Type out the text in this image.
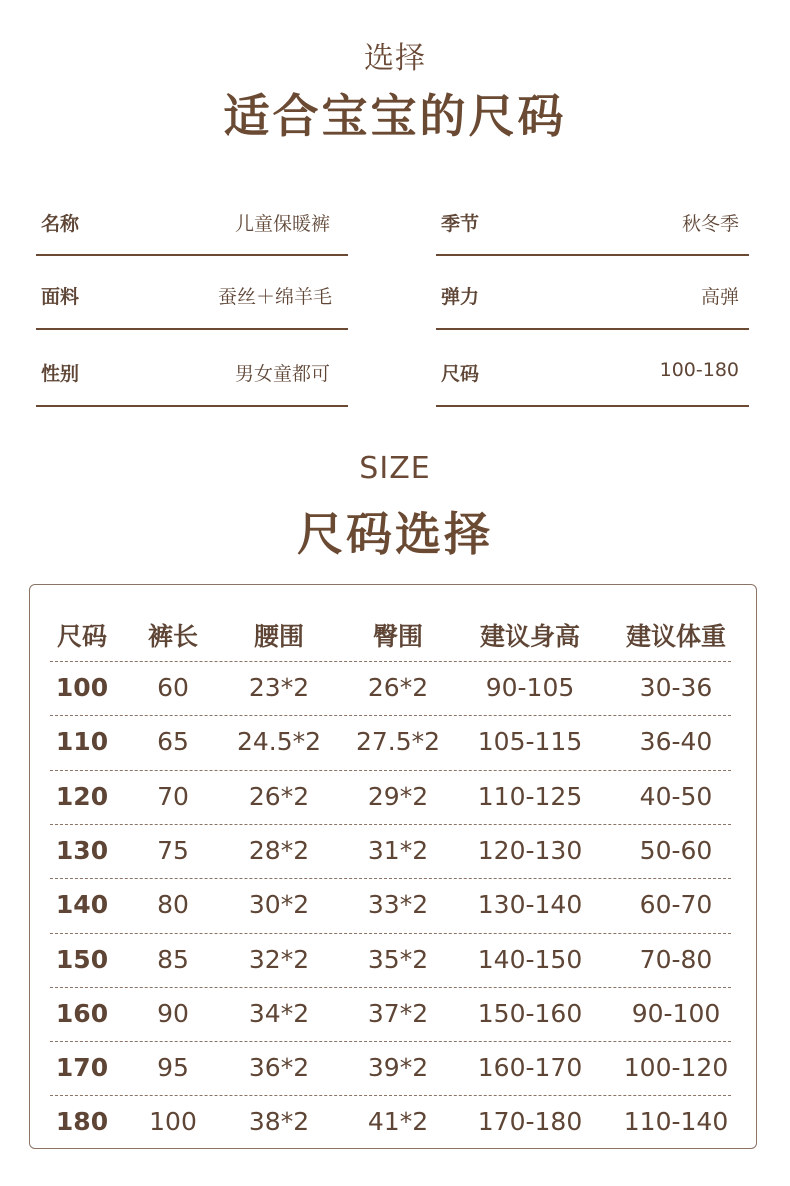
选择
适合宝宝的尺码
名称	儿童保暖裤
面料	蚕丝＋绵羊毛
性别	男女童都可
季节	秋冬季
弹力	高弹
尺码	100-180
SIZE
尺码选择
尺码 裤长 腰围	臀围 建议身高 建议体重
100 60 23*2 26*2 90-105	30-36
110 65 24.5*2 27.5*2 105-115 36-40
120 70 26*2 29*2 110-125 40-50
130 75 28*2 31*2 120-130 50-60
140 80 30*2 33*2 130-140 60-70
150 85 32*2 35*2 140-150 70-80
160 90 34*2 37*2 150-160 90-100
170 95 36*2 39*2 160-170 100-120
180 100 38*2 41*2 170-180 110-140
